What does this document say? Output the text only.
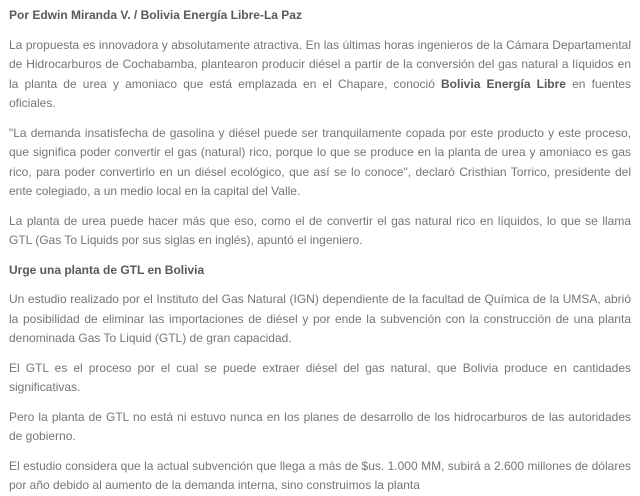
Por Edwin Miranda V. / Bolivia Energía Libre-La Paz

La propuesta es innovadora y absolutamente atractiva. En las últimas horas ingenieros de la Cámara Departamental de Hidrocarburos de Cochabamba, plantearon producir diésel a partir de la conversión del gas natural a líquidos en la planta de urea y amoniaco que está emplazada en el Chapare, conoció Bolivia Energía Libre en fuentes oficiales.

"La demanda insatisfecha de gasolina y diésel puede ser tranquilamente copada por este producto y este proceso, que significa poder convertir el gas (natural) rico, porque lo que se produce en la planta de urea y amoniaco es gas rico, para poder convertirlo en un diésel ecológico, que así se lo conoce", declaró Cristhian Torrico, presidente del ente colegiado, a un medio local en la capital del Valle.

La planta de urea puede hacer más que eso, como el de convertir el gas natural rico en líquidos, lo que se llama GTL (Gas To Liquids por sus siglas en inglés), apuntó el ingeniero.

Urge una planta de GTL en Bolivia

Un estudio realizado por el Instituto del Gas Natural (IGN) dependiente de la facultad de Química de la UMSA, abrió la posibilidad de eliminar las importaciones de diésel y por ende la subvención con la construcción de una planta denominada Gas To Liquid (GTL) de gran capacidad.

El GTL es el proceso por el cual se puede extraer diésel del gas natural, que Bolivia produce en cantidades significativas.

Pero la planta de GTL no está ni estuvo nunca en los planes de desarrollo de los hidrocarburos de las autoridades de gobierno.

El estudio considera que la actual subvención que llega a más de $us. 1.000 MM, subirá a 2.600 millones de dólares por año debido al aumento de la demanda interna, sino construimos la planta
